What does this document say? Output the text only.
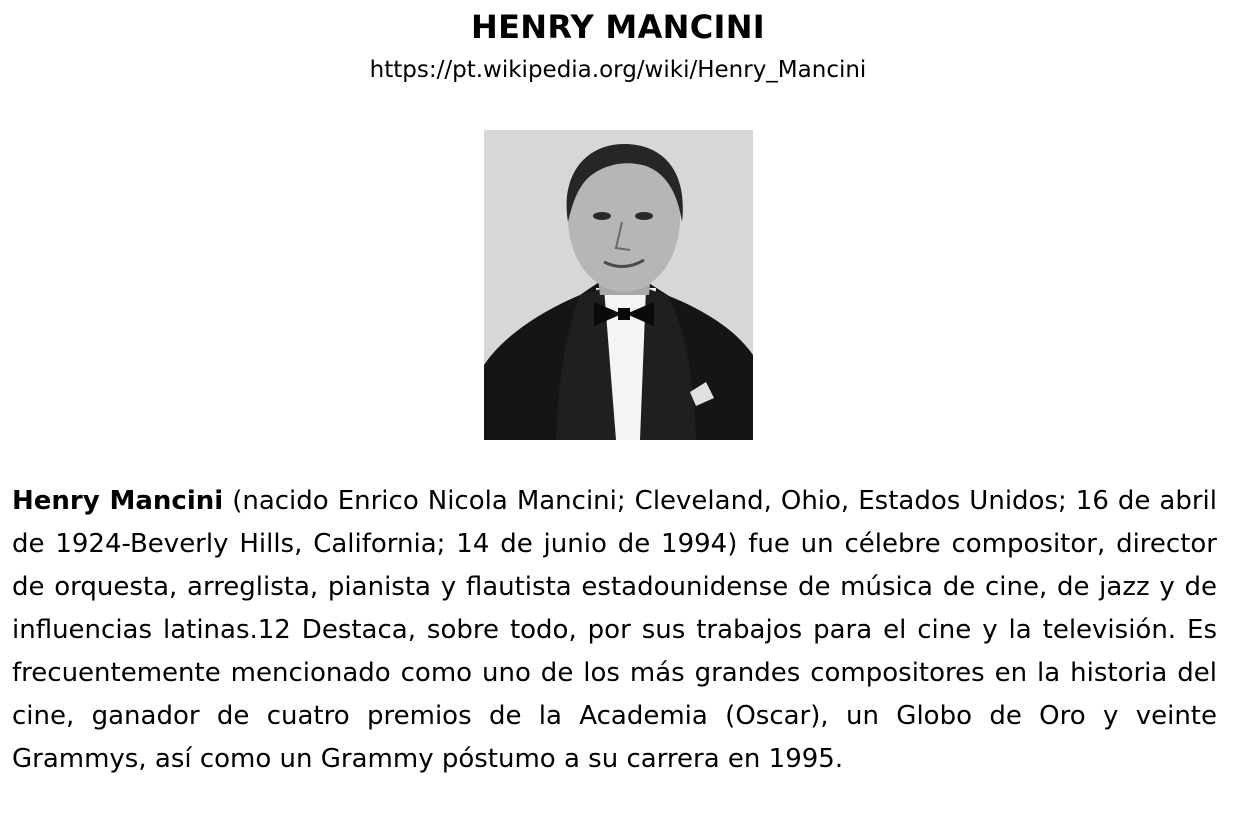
HENRY MANCINI
https://pt.wikipedia.org/wiki/Henry_Mancini

Henry Mancini (nacido Enrico Nicola Mancini; Cleveland, Ohio, Estados Unidos; 16 de abril de 1924-Beverly Hills, California; 14 de junio de 1994) fue un célebre compositor, director de orquesta, arreglista, pianista y flautista estadounidense de música de cine, de jazz y de influencias latinas.12 Destaca, sobre todo, por sus trabajos para el cine y la televisión. Es frecuentemente mencionado como uno de los más grandes compositores en la historia del cine, ganador de cuatro premios de la Academia (Oscar), un Globo de Oro y veinte Grammys, así como un Grammy póstumo a su carrera en 1995.
